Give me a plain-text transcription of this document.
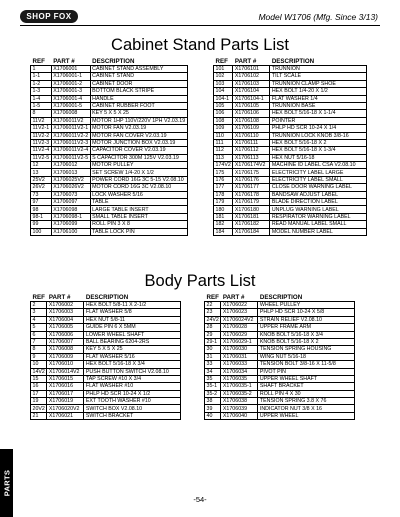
SHOP FOX	Model W1706 (Mfg. Since 3/13)
Cabinet Stand Parts List
REF	PART #	DESCRIPTION
1	X1706001	CABINET STAND ASSEMBLY
1-1	X1706001-1	CABINET STAND
1-2	X1706001-2	CABINET DOOR
1-3	X1706001-3	BOTTOM BLACK STRIPE
1-4	X1706001-4	HANDLE
1-5	X1706001-5	CABINET RUBBER FOOT
8	X1706008	KEY 5 X 5 X 25
11V2	X1706011V2	MOTOR 1HP 110V/220V 1PH V2.03.19
11V2-1	X1706011V2-1	MOTOR FAN V2.03.19
11V2-2	X1706011V2-2	MOTOR FAN COVER V2.03.19
11V2-3	X1706011V2-3	MOTOR JUNCTION BOX V2.03.19
11V2-4	X1706011V2-4	CAPACITOR COVER V2.03.19
11V2-5	X1706011V2-5	S CAPACITOR 300M 125V V2.03.19
12	X1706012	MOTOR PULLEY
13	X1706013	SET SCREW 1/4-20 X 1/2
25V2	X1706025V2	POWER CORD 16G 3C 5-15 V2.08.10
26V2	X1706026V2	MOTOR CORD 16G 3C V2.08.10
73	X1706073	LOCK WASHER 5/16
97	X1706097	TABLE
98	X1706098	LARGE TABLE INSERT
98-1	X1706098-1	SMALL TABLE INSERT
99	X1706099	ROLL PIN 3 X 8
100	X1706100	TABLE LOCK PIN
REF	PART #	DESCRIPTION
101	X1706101	TRUNNION
102	X1706102	TILT SCALE
103	X1706103	TRUNNION CLAMP SHOE
104	X1706104	HEX BOLT 1/4-20 X 1/2
104-1	X1706104-1	FLAT WASHER 1/4
105	X1706105	TRUNNION BASE
106	X1706106	HEX BOLT 5/16-18 X 1-1/4
108	X1706108	POINTER
109	X1706109	PHLP HD SCR 10-24 X 1/4
110	X1706110	TRUNNION LOCK KNOB 3/8-16
111	X1706111	HEX BOLT 5/16-18 X 2
112	X1706112	HEX BOLT 5/16-18 X 1-3/4
113	X1706113	HEX NUT 5/16-18
174V2	X1706174V2	MACHINE ID LABEL CSA V2.08.10
175	X1706175	ELECTRICITY LABEL LARGE
176	X1706176	ELECTRICITY LABEL SMALL
177	X1706177	CLOSE DOOR WARNING LABEL
178	X1706178	BANDSAW ADJUST LABEL
179	X1706179	BLADE DIRECTION LABEL
180	X1706180	UNPLUG WARNING LABEL
181	X1706181	RESPIRATOR WARNING LABEL
182	X1706182	READ MANUAL LABEL SMALL
184	X1706184	MODEL NUMBER LABEL
Body Parts List
REF	PART #	DESCRIPTION
2	X1706002	HEX BOLT 5/8-11 X 2-1/2
3	X1706003	FLAT WASHER 5/8
4	X1706004	HEX NUT 5/8-11
5	X1706005	GUIDE PIN 6 X 5MM
6	X1706006	LOWER WHEEL SHAFT
7	X1706007	BALL BEARING 6204-2RS
8	X1706008	KEY 5 X 5 X 25
9	X1706009	FLAT WASHER 5/16
10	X1706010	HEX BOLT 5/16-18 X 3/4
14V2	X1706014V2	PUSH BUTTON SWITCH V2.08.10
15	X1706015	TAP SCREW #10 X 3/4
16	X1706016	FLAT WASHER #10
17	X1706017	PHLP HD SCR 10-24 X 1/2
19	X1706019	EXT TOOTH WASHER #10
20V2	X1706020V2	SWITCH BOX V2.08.10
21	X1706021	SWITCH BRACKET
REF	PART #	DESCRIPTION
22	X1706022	WHEEL PULLEY
23	X1706023	PHLP HD SCR 10-24 X 5/8
24V2	X1706024V2	STRAIN RELIEF V2.08.10
28	X1706028	UPPER FRAME ARM
29	X1706029	KNOB BOLT 5/16-18 X 3/4
29-1	X1706029-1	KNOB BOLT 5/16-18 X 2
30	X1706030	TENSION SPRING HOUSING
31	X1706031	WING NUT 5/16-18
33	X1706033	TENSION BOLT 3/8-16 X 11-5/8
34	X1706034	PIVOT PIN
35	X1706035	UPPER WHEEL SHAFT
35-1	X1706035-1	SHAFT BRACKET
35-2	X1706035-2	ROLL PIN 4 X 30
38	X1706038	TENSION SPRING 3.8 X 76
39	X1706039	INDICATOR NUT 3/8 X 16
40	X1706040	UPPER WHEEL
PARTS
-54-
